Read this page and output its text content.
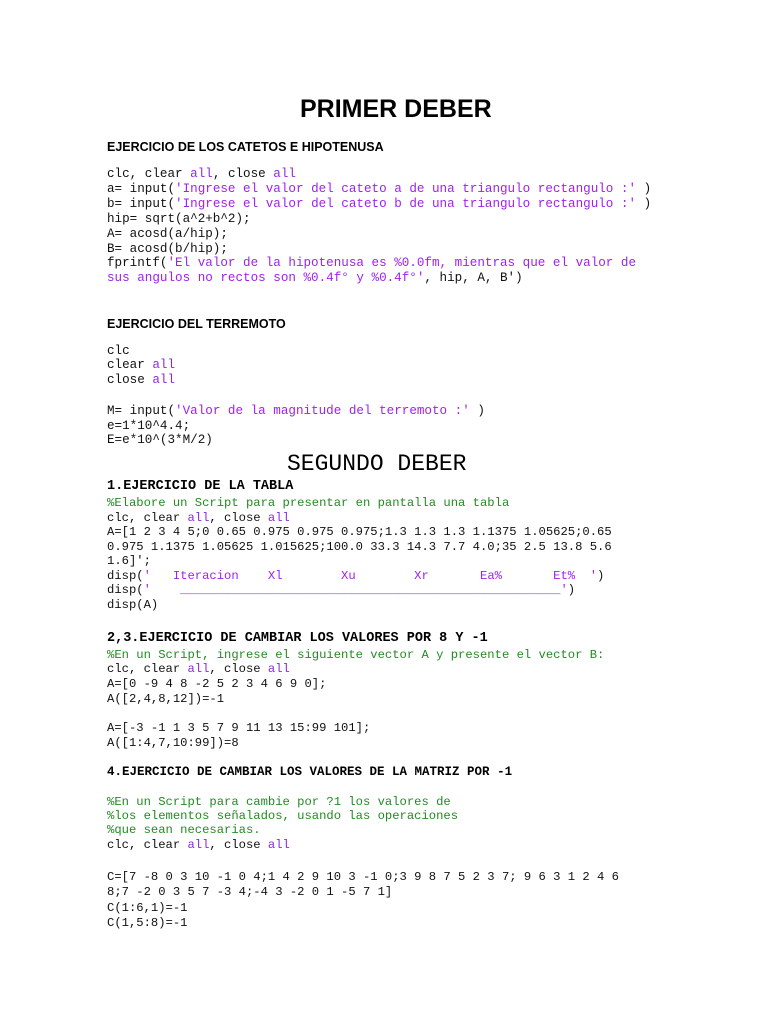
PRIMER DEBER
EJERCICIO DE LOS CATETOS E HIPOTENUSA
clc, clear all, close all
a= input('Ingrese el valor del cateto a de una triangulo rectangulo :' )
b= input('Ingrese el valor del cateto b de una triangulo rectangulo :' )
hip= sqrt(a^2+b^2);
A= acosd(a/hip);
B= acosd(b/hip);
fprintf('El valor de la hipotenusa es %0.0fm, mientras que el valor de
sus angulos no rectos son %0.4f° y %0.4f°', hip, A, B')
EJERCICIO DEL TERREMOTO
clc
clear all
close all
M= input('Valor de la magnitude del terremoto :' )
e=1*10^4.4;
E=e*10^(3*M/2)
SEGUNDO DEBER
1.EJERCICIO DE LA TABLA
%Elabore un Script para presentar en pantalla una tabla
clc, clear all, close all
A=[1 2 3 4 5;0 0.65 0.975 0.975 0.975;1.3 1.3 1.3 1.1375 1.05625;0.65
0.975 1.1375 1.05625 1.015625;100.0 33.3 14.3 7.7 4.0;35 2.5 13.8 5.6
1.6]';
disp('   Iteracion    Xl        Xu        Xr       Ea%       Et%  ')
disp('    ____________________________________________________')
disp(A)
2,3.EJERCICIO DE CAMBIAR LOS VALORES POR 8 Y -1
%En un Script, ingrese el siguiente vector A y presente el vector B:
clc, clear all, close all
A=[0 -9 4 8 -2 5 2 3 4 6 9 0];
A([2,4,8,12])=-1
A=[-3 -1 1 3 5 7 9 11 13 15:99 101];
A([1:4,7,10:99])=8
4.EJERCICIO DE CAMBIAR LOS VALORES DE LA MATRIZ POR -1
%En un Script para cambie por ?1 los valores de
%los elementos señalados, usando las operaciones
%que sean necesarias.
clc, clear all, close all
C=[7 -8 0 3 10 -1 0 4;1 4 2 9 10 3 -1 0;3 9 8 7 5 2 3 7; 9 6 3 1 2 4 6
8;7 -2 0 3 5 7 -3 4;-4 3 -2 0 1 -5 7 1]
C(1:6,1)=-1
C(1,5:8)=-1
